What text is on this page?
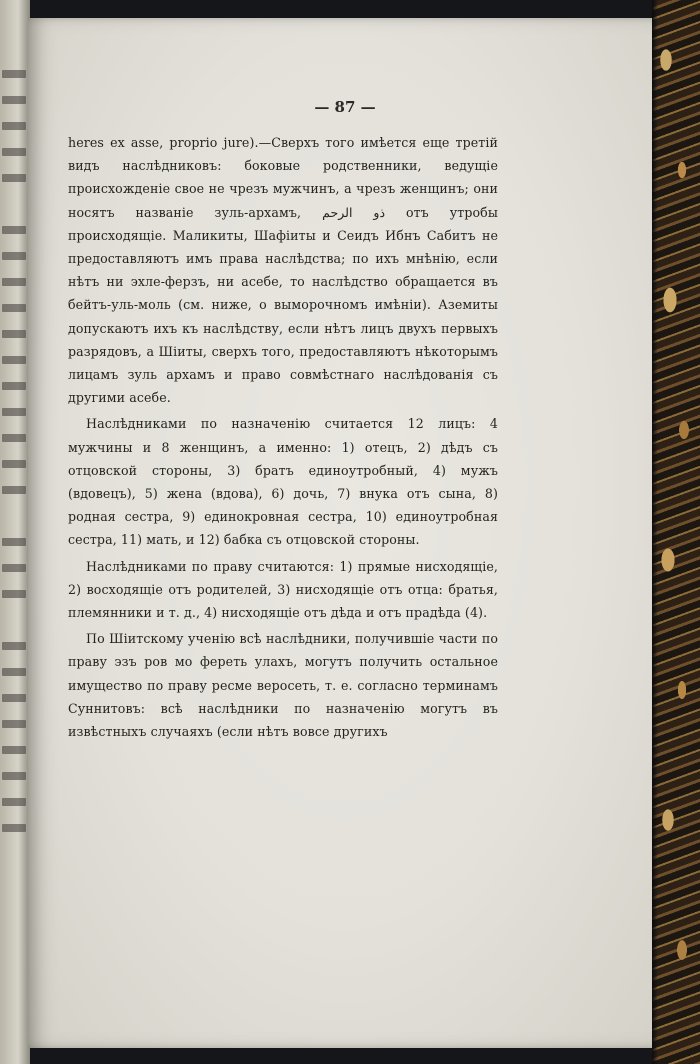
— 87 —

heres ex asse, proprio jure).—Сверхъ того имѣется еще третій видъ наслѣдниковъ: боковые родственники, ведущіе происхожденіе свое не чрезъ мужчинъ, а чрезъ женщинъ; они носятъ названіе зуль-архамъ, ذو الرحم отъ утробы происходящіе. Маликиты, Шафіиты и Сеидъ Ибнъ Сабитъ не предоставляютъ имъ права наслѣдства; по ихъ мнѣнію, если нѣтъ ни эхле-ферзъ, ни асебе, то наслѣдство обращается въ бейтъ-уль-моль (см. ниже, о выморочномъ имѣніи). Аземиты допускаютъ ихъ къ наслѣдству, если нѣтъ лицъ двухъ первыхъ разрядовъ, а Шіиты, сверхъ того, предоставляютъ нѣкоторымъ лицамъ зуль архамъ и право совмѣстнаго наслѣдованія съ другими асебе.

Наслѣдниками по назначенію считается 12 лицъ: 4 мужчины и 8 женщинъ, а именно: 1) отецъ, 2) дѣдъ съ отцовской стороны, 3) братъ единоутробный, 4) мужъ (вдовецъ), 5) жена (вдова), 6) дочь, 7) внука отъ сына, 8) родная сестра, 9) единокровная сестра, 10) единоутробная сестра, 11) мать, и 12) бабка съ отцовской стороны.

Наслѣдниками по праву считаются: 1) прямые нисходящіе, 2) восходящіе отъ родителей, 3) нисходящіе отъ отца: братья, племянники и т. д., 4) нисходящіе отъ дѣда и отъ прадѣда (4).

По Шіитскому ученію всѣ наслѣдники, получившіе части по праву эзъ ров мо фереть улахъ, могутъ получить остальное имущество по праву ресме веросеть, т. е. согласно терминамъ Суннитовъ: всѣ наслѣдники по назначенію могутъ въ извѣстныхъ случаяхъ (если нѣтъ вовсе другихъ
